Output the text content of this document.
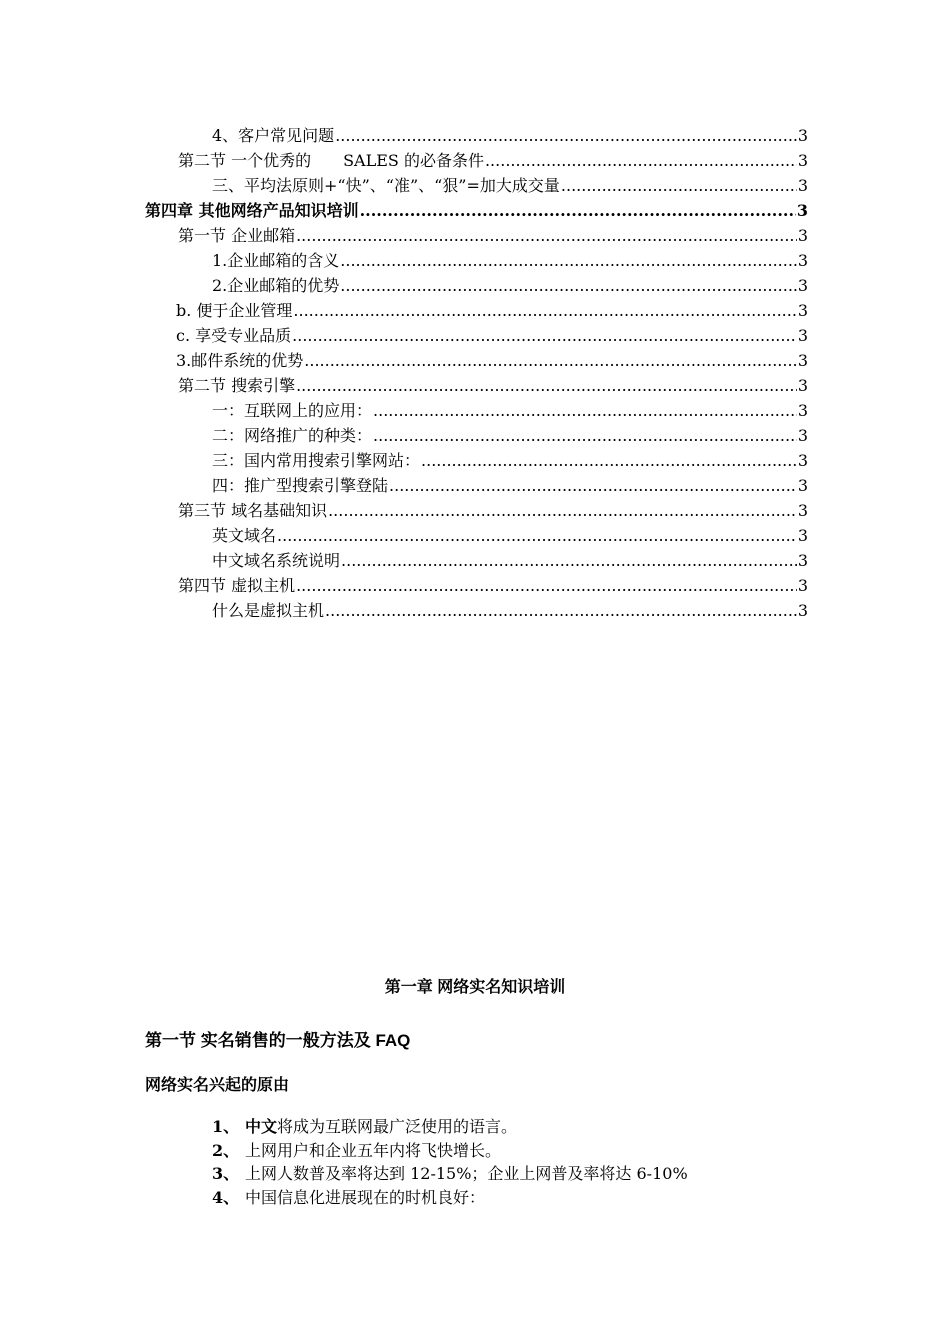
4、客户常见问题 .....	3
第二节 一个优秀的　　SALES 的必备条件 .....	3
三、平均法原则+“快”、“准”、“狠”=加大成交量 .....	3
第四章 其他网络产品知识培训 .....	3
第一节 企业邮箱 .....	3
1.企业邮箱的含义 .....	3
2.企业邮箱的优势 .....	3
b. 便于企业管理 .....	3
c. 享受专业品质 .....	3
3.邮件系统的优势 .....	3
第二节 搜索引擎 .....	3
一：互联网上的应用： .....	3
二：网络推广的种类： .....	3
三：国内常用搜索引擎网站： .....	3
四：推广型搜索引擎登陆 .....	3
第三节 域名基础知识 .....	3
英文域名 .....	3
中文域名系统说明 .....	3
第四节 虚拟主机 .....	3
什么是虚拟主机 .....	3
第一章 网络实名知识培训
第一节 实名销售的一般方法及 FAQ
网络实名兴起的原由
1、 中文将成为互联网最广泛使用的语言。
2、 上网用户和企业五年内将飞快增长。
3、 上网人数普及率将达到 12-15%；企业上网普及率将达 6-10%
4、 中国信息化进展现在的时机良好：
